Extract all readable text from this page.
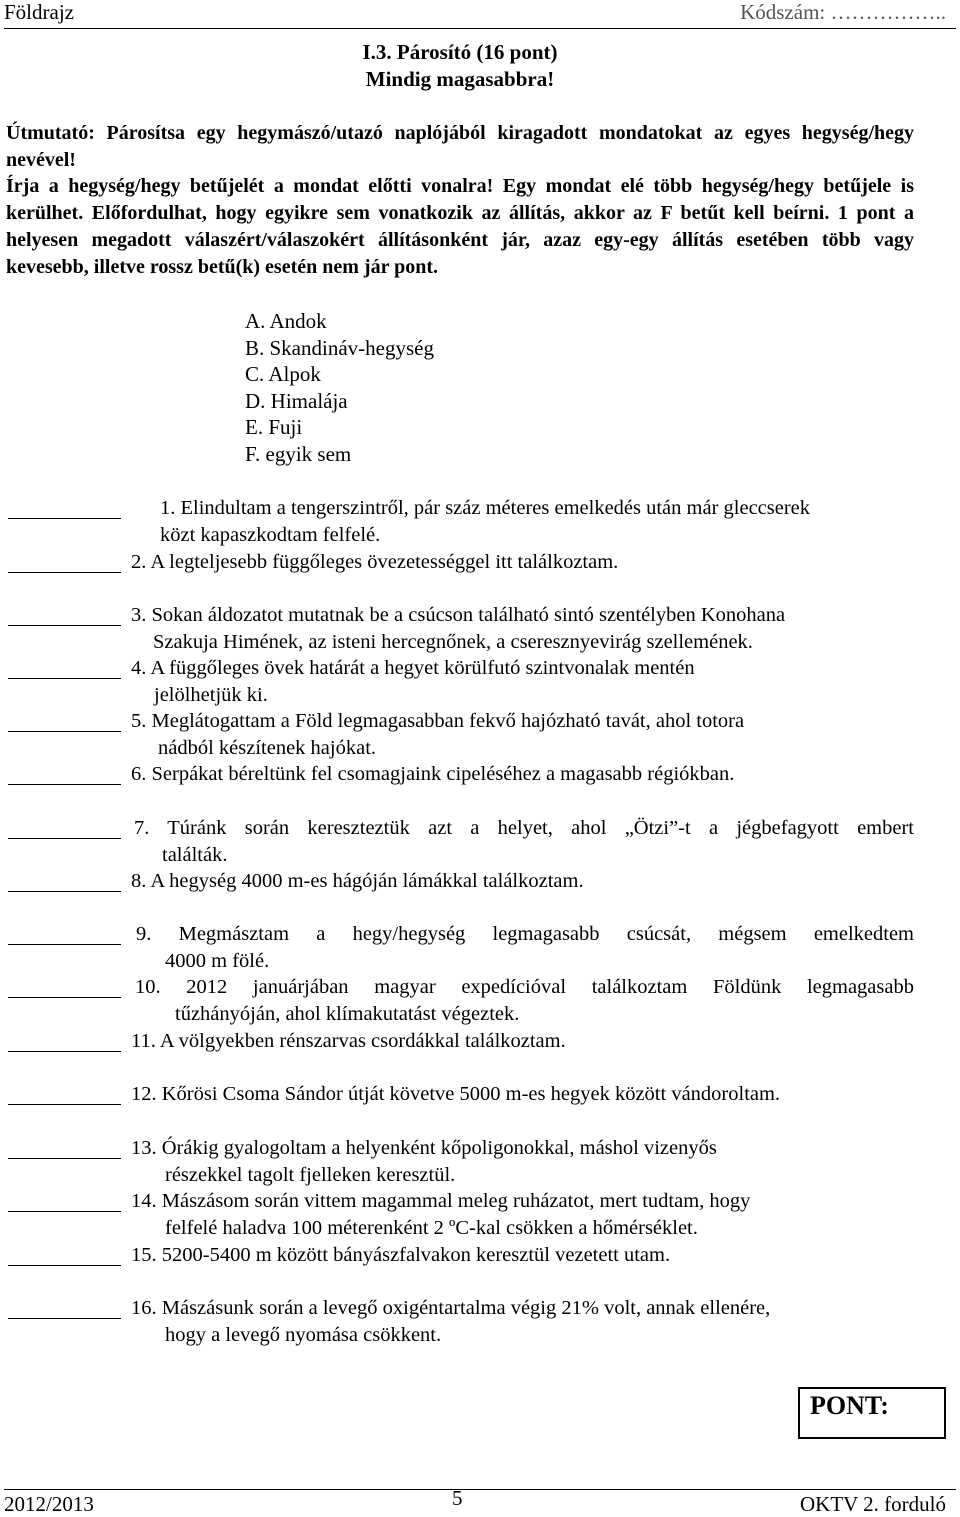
Földrajz	Kódszám: ……………..
I.3. Párosító (16 pont)
Mindig magasabbra!

Útmutató: Párosítsa egy hegymászó/utazó naplójából kiragadott mondatokat az egyes hegység/hegy nevével!

Írja a hegység/hegy betűjelét a mondat előtti vonalra! Egy mondat elé több hegység/hegy betűjele is kerülhet. Előfordulhat, hogy egyikre sem vonatkozik az állítás, akkor az F betűt kell beírni. 1 pont a helyesen megadott válaszért/válaszokért állításonként jár, azaz egy-egy állítás esetében több vagy kevesebb, illetve rossz betű(k) esetén nem jár pont.

A. Andok
B. Skandináv-hegység
C. Alpok
D. Himalája
E. Fuji
F. egyik sem
1. Elindultam a tengerszintről, pár száz méteres emelkedés után már gleccserek
közt kapaszkodtam felfelé.
2. A legteljesebb függőleges övezetességgel itt találkoztam.
3. Sokan áldozatot mutatnak be a csúcson található sintó szentélyben Konohana
Szakuja Himének, az isteni hercegnőnek, a cseresznyevirág szellemének.
4. A függőleges övek határát a hegyet körülfutó szintvonalak mentén
jelölhetjük ki.
5. Meglátogattam a Föld legmagasabban fekvő hajózható tavát, ahol totora
nádból készítenek hajókat.
6. Serpákat béreltünk fel csomagjaink cipeléséhez a magasabb régiókban.
7. Túránk során kereszteztük azt a helyet, ahol „Ötzi”-t a jégbefagyott embert
találták.
8. A hegység 4000 m-es hágóján lámákkal találkoztam.
9. Megmásztam a hegy/hegység legmagasabb csúcsát, mégsem emelkedtem
4000 m fölé.
10. 2012 januárjában magyar expedícióval találkoztam Földünk legmagasabb
tűzhányóján, ahol klímakutatást végeztek.
11. A völgyekben rénszarvas csordákkal találkoztam.
12. Kőrösi Csoma Sándor útját követve 5000 m-es hegyek között vándoroltam.
13. Órákig gyalogoltam a helyenként kőpoligonokkal, máshol vizenyős
részekkel tagolt fjelleken keresztül.
14. Mászásom során vittem magammal meleg ruházatot, mert tudtam, hogy
felfelé haladva 100 méterenként 2 ºC-kal csökken a hőmérséklet.
15. 5200-5400 m között bányászfalvakon keresztül vezetett utam.
16. Mászásunk során a levegő oxigéntartalma végig 21% volt, annak ellenére,
hogy a levegő nyomása csökkent.
PONT:
2012/2013	5	OKTV 2. forduló
